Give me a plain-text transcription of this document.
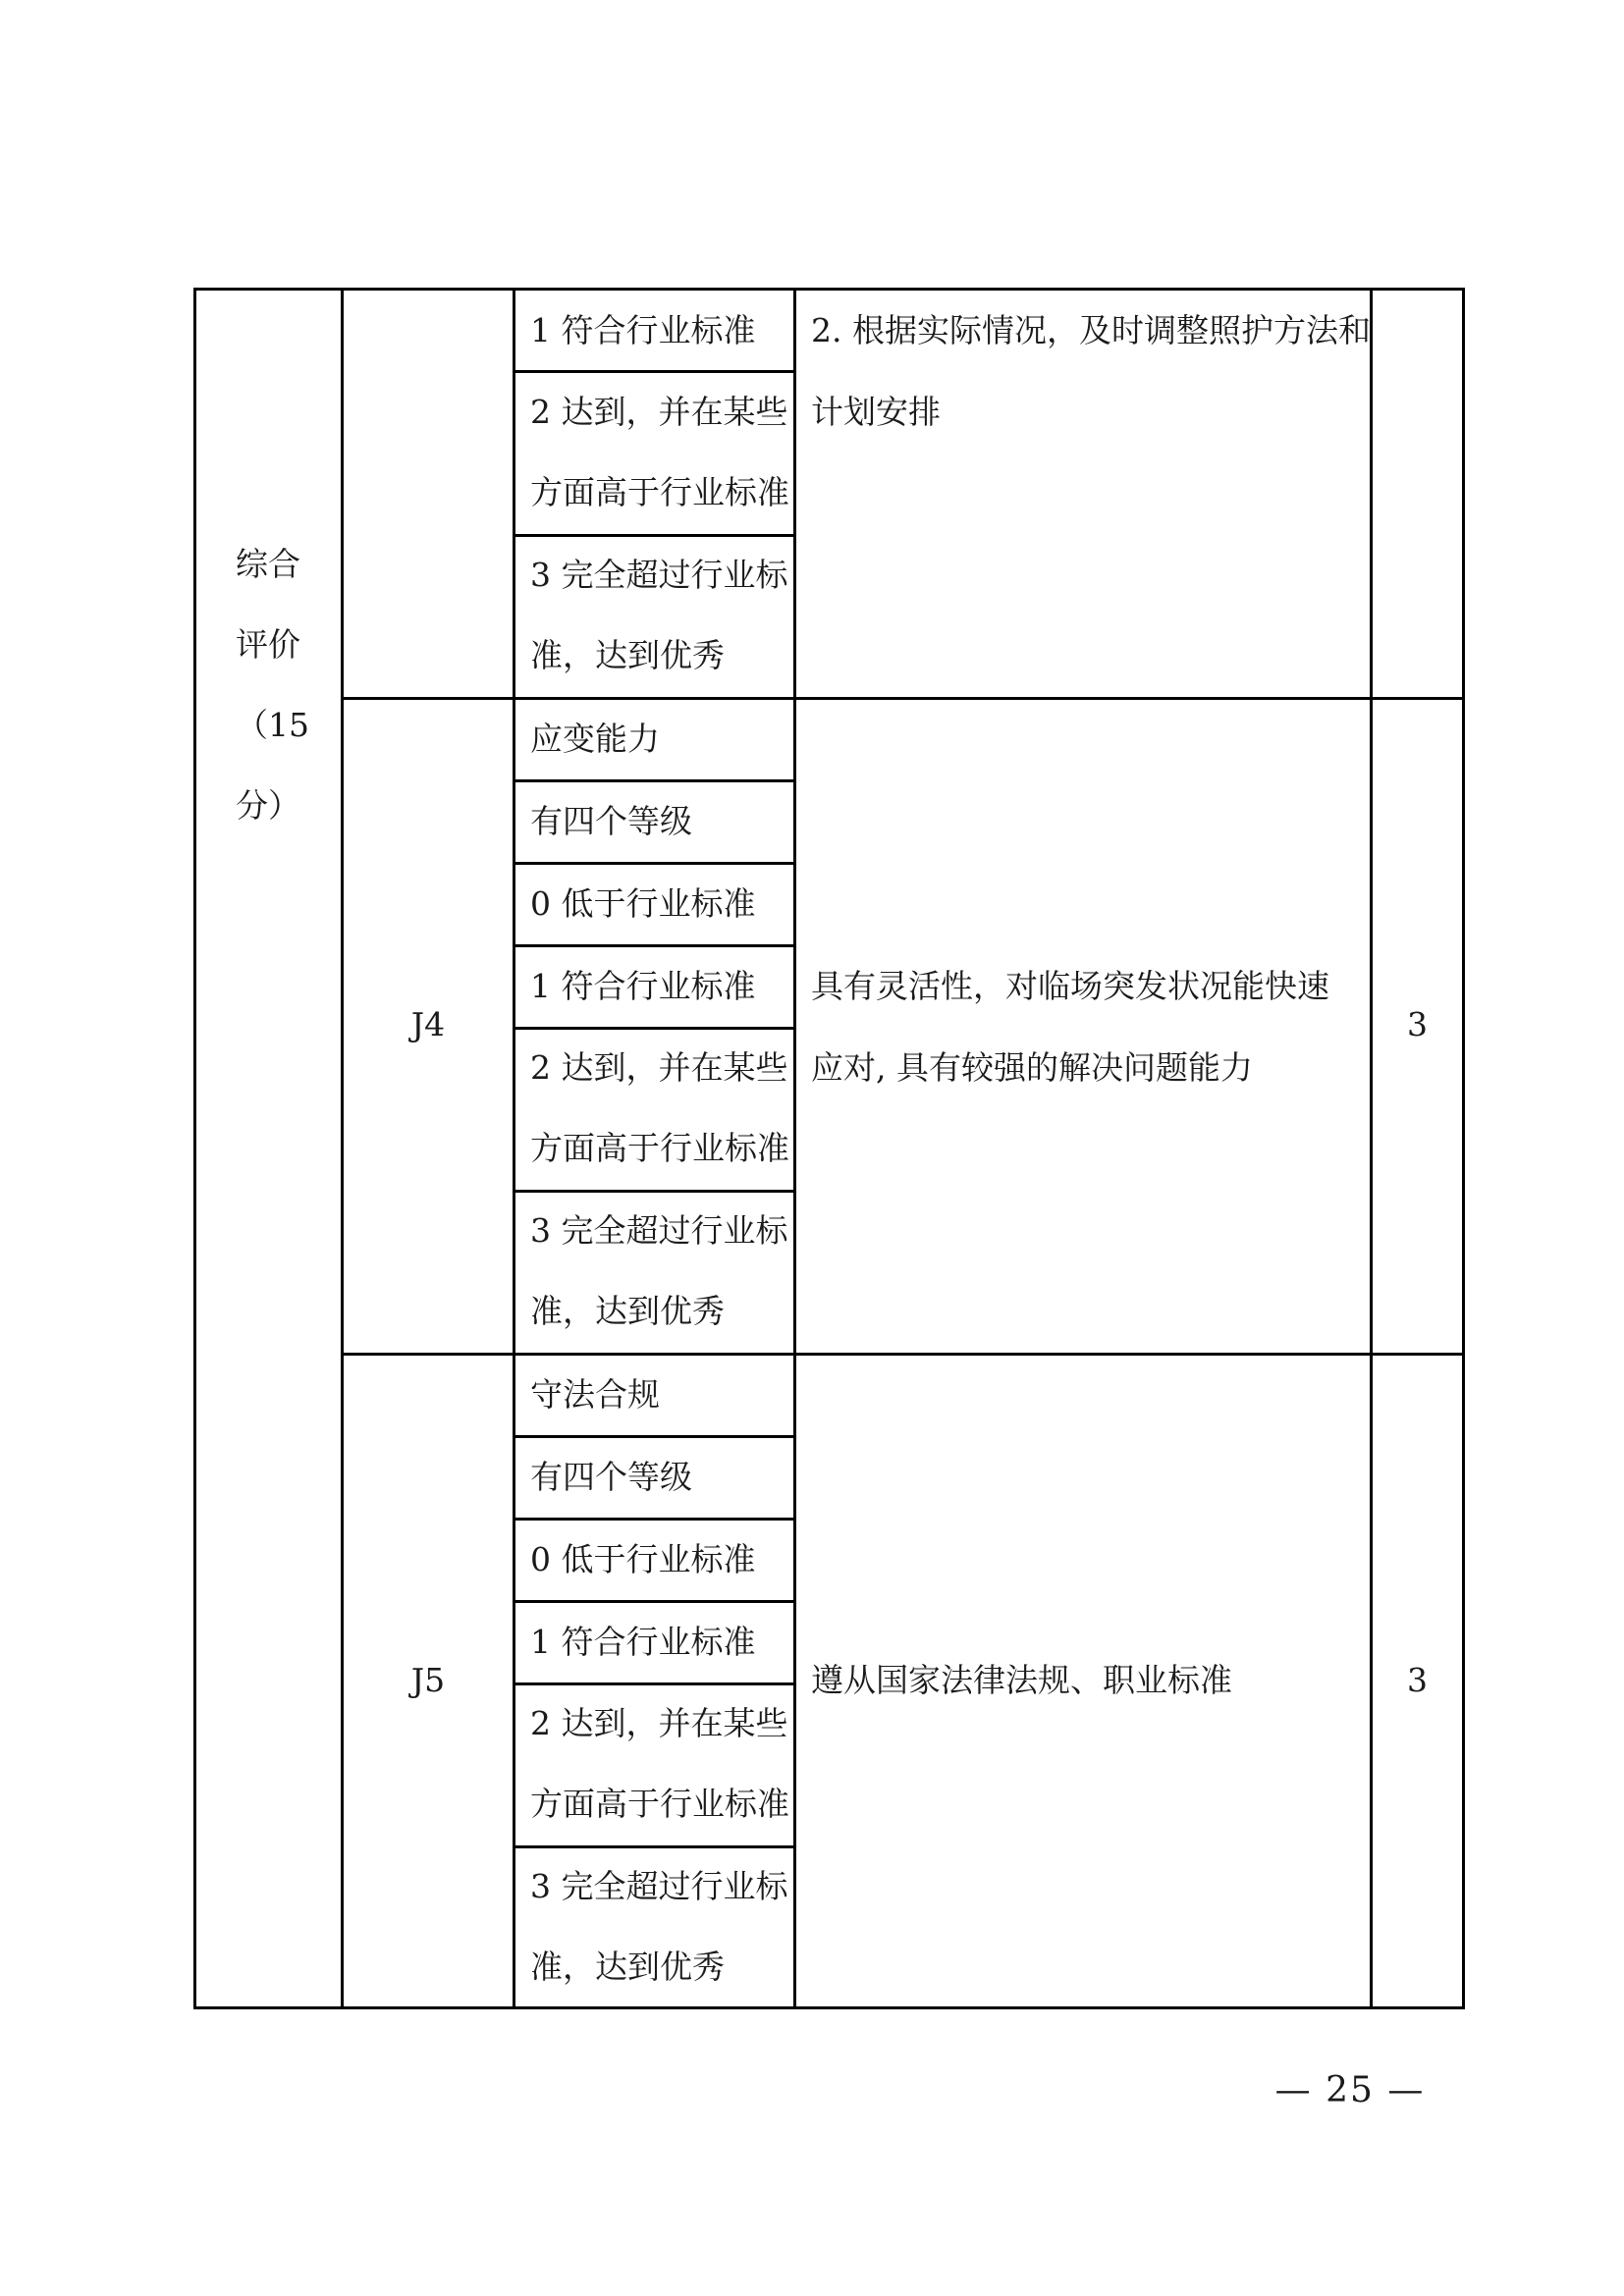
综合
评价
（15
分）
1 符合行业标准
2 达到，并在某些
方面高于行业标准
3 完全超过行业标
准，达到优秀
2. 根据实际情况，及时调整照护方法和
计划安排
J4
应变能力
有四个等级
0 低于行业标准
1 符合行业标准
2 达到，并在某些
方面高于行业标准
3 完全超过行业标
准，达到优秀
具有灵活性，对临场突发状况能快速
应对, 具有较强的解决问题能力
3
J5
守法合规
有四个等级
0 低于行业标准
1 符合行业标准
2 达到，并在某些
方面高于行业标准
3 完全超过行业标
准，达到优秀
遵从国家法律法规、职业标准	3
— 25 —
